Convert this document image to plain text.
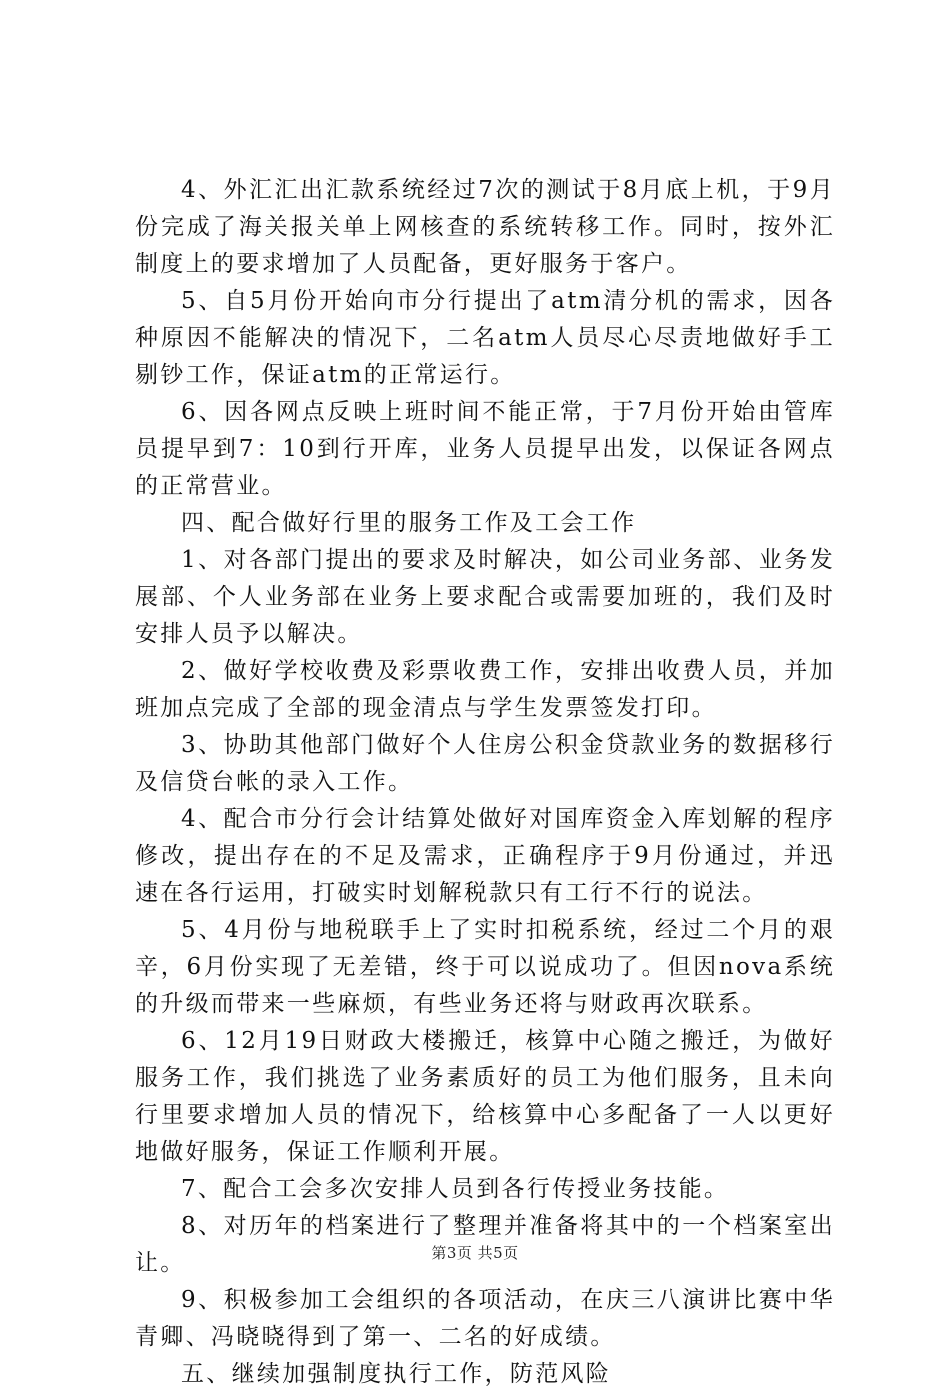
4、外汇汇出汇款系统经过7次的测试于8月底上机，于9月份完成了海关报关单上网核查的系统转移工作。同时，按外汇制度上的要求增加了人员配备，更好服务于客户。

5、自5月份开始向市分行提出了atm清分机的需求，因各种原因不能解决的情况下，二名atm人员尽心尽责地做好手工剔钞工作，保证atm的正常运行。

6、因各网点反映上班时间不能正常，于7月份开始由管库员提早到7：10到行开库，业务人员提早出发，以保证各网点的正常营业。

四、配合做好行里的服务工作及工会工作

1、对各部门提出的要求及时解决，如公司业务部、业务发展部、个人业务部在业务上要求配合或需要加班的，我们及时安排人员予以解决。

2、做好学校收费及彩票收费工作，安排出收费人员，并加班加点完成了全部的现金清点与学生发票签发打印。

3、协助其他部门做好个人住房公积金贷款业务的数据移行及信贷台帐的录入工作。

4、配合市分行会计结算处做好对国库资金入库划解的程序修改，提出存在的不足及需求，正确程序于9月份通过，并迅速在各行运用，打破实时划解税款只有工行不行的说法。

5、4月份与地税联手上了实时扣税系统，经过二个月的艰辛，6月份实现了无差错，终于可以说成功了。但因nova系统的升级而带来一些麻烦，有些业务还将与财政再次联系。

6、12月19日财政大楼搬迁，核算中心随之搬迁，为做好服务工作，我们挑选了业务素质好的员工为他们服务，且未向行里要求增加人员的情况下，给核算中心多配备了一人以更好地做好服务，保证工作顺利开展。

7、配合工会多次安排人员到各行传授业务技能。

8、对历年的档案进行了整理并准备将其中的一个档案室出让。

9、积极参加工会组织的各项活动，在庆三八演讲比赛中华青卿、冯晓晓得到了第一、二名的好成绩。

五、继续加强制度执行工作，防范风险

第3页 共5页
